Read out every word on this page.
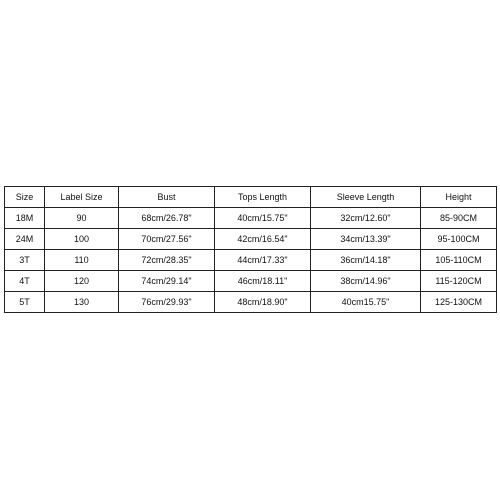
Size	Label Size	Bust	Tops Length	Sleeve Length	Height
18M	90	68cm/26.78"	40cm/15.75"	32cm/12.60"	85-90CM
24M	100	70cm/27.56"	42cm/16.54"	34cm/13.39"	95-100CM
3T	110	72cm/28.35"	44cm/17.33"	36cm/14.18"	105-110CM
4T	120	74cm/29.14"	46cm/18.11"	38cm/14.96"	115-120CM
5T	130	76cm/29.93"	48cm/18.90"	40cm15.75"	125-130CM
